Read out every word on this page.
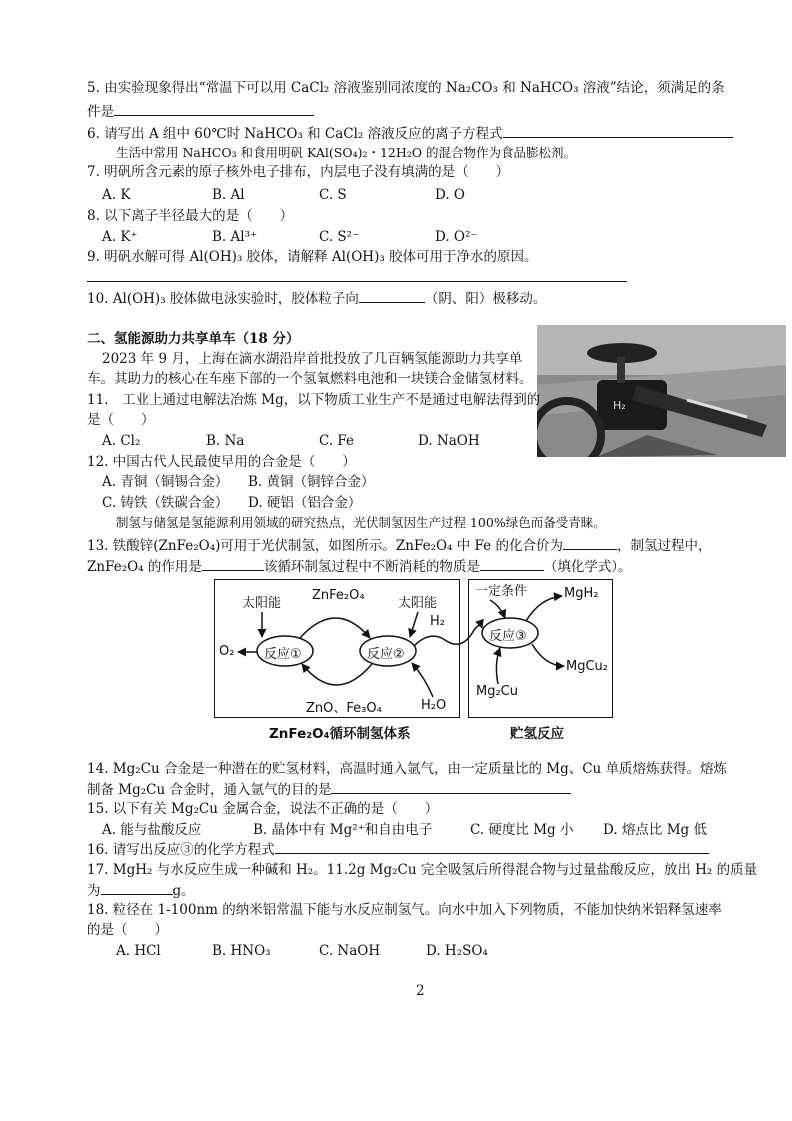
5. 由实验现象得出“常温下可以用 CaCl₂ 溶液鉴别同浓度的 Na₂CO₃ 和 NaHCO₃ 溶液”结论，须满足的条
件是
6. 请写出 A 组中 60℃时 NaHCO₃ 和 CaCl₂ 溶液反应的离子方程式
生活中常用 NaHCO₃ 和食用明矾 KAl(SO₄)₂・12H₂O 的混合物作为食品膨松剂。
7. 明矾所含元素的原子核外电子排布，内层电子没有填满的是（　　）
A. K	B. Al	C. S	D. O
8. 以下离子半径最大的是（　　）
A. K⁺	B. Al³⁺	C. S²⁻	D. O²⁻
9. 明矾水解可得 Al(OH)₃ 胶体，请解释 Al(OH)₃ 胶体可用于净水的原因。
10. Al(OH)₃ 胶体做电泳实验时，胶体粒子向	（阴、阳）极移动。
二、氢能源助力共享单车（18 分）
2023 年 9 月，上海在滴水湖沿岸首批投放了几百辆氢能源助力共享单
车。其助力的核心在车座下部的一个氢氧燃料电池和一块镁合金储氢材料。
H₂
11.　工业上通过电解法冶炼 Mg，以下物质工业生产不是通过电解法得到的
是（　　）
A. Cl₂	B. Na	C. Fe	D. NaOH
12. 中国古代人民最使早用的合金是（　　）
A. 青铜（铜锡合金） B. 黄铜（铜锌合金）
C. 铸铁（铁碳合金） D. 硬铝（铝合金）
制氢与储氢是氢能源利用领域的研究热点，光伏制氢因生产过程 100%绿色而备受青睐。
13. 铁酸锌(ZnFe₂O₄)可用于光伏制氢，如图所示。ZnFe₂O₄ 中 Fe 的化合价为	，制氢过程中，
ZnFe₂O₄ 的作用是	该循环制氢过程中不断消耗的物质是	（填化学式）。
太阳能
ZnFe₂O₄
太阳能
反应①	反应②
O₂
ZnO、Fe₃O₄	H₂O
H₂
一定条件	MgH₂
反应③
MgCu₂
Mg₂Cu
ZnFe₂O₄循环制氢体系	贮氢反应
14. Mg₂Cu 合金是一种潜在的贮氢材料，高温时通入氩气，由一定质量比的 Mg、Cu 单质熔炼获得。熔炼
制备 Mg₂Cu 合金时，通入氩气的目的是
15. 以下有关 Mg₂Cu 金属合金，说法不正确的是（　　）
A. 能与盐酸反应	B. 晶体中有 Mg²⁺和自由电子	C. 硬度比 Mg 小 D. 熔点比 Mg 低
16. 请写出反应③的化学方程式
17. MgH₂ 与水反应生成一种碱和 H₂。11.2g Mg₂Cu 完全吸氢后所得混合物与过量盐酸反应，放出 H₂ 的质量
为	g。
18. 粒径在 1-100nm 的纳米铝常温下能与水反应制氢气。向水中加入下列物质，不能加快纳米铝释氢速率
的是（　　）
A. HCl	B. HNO₃	C. NaOH	D. H₂SO₄
2
